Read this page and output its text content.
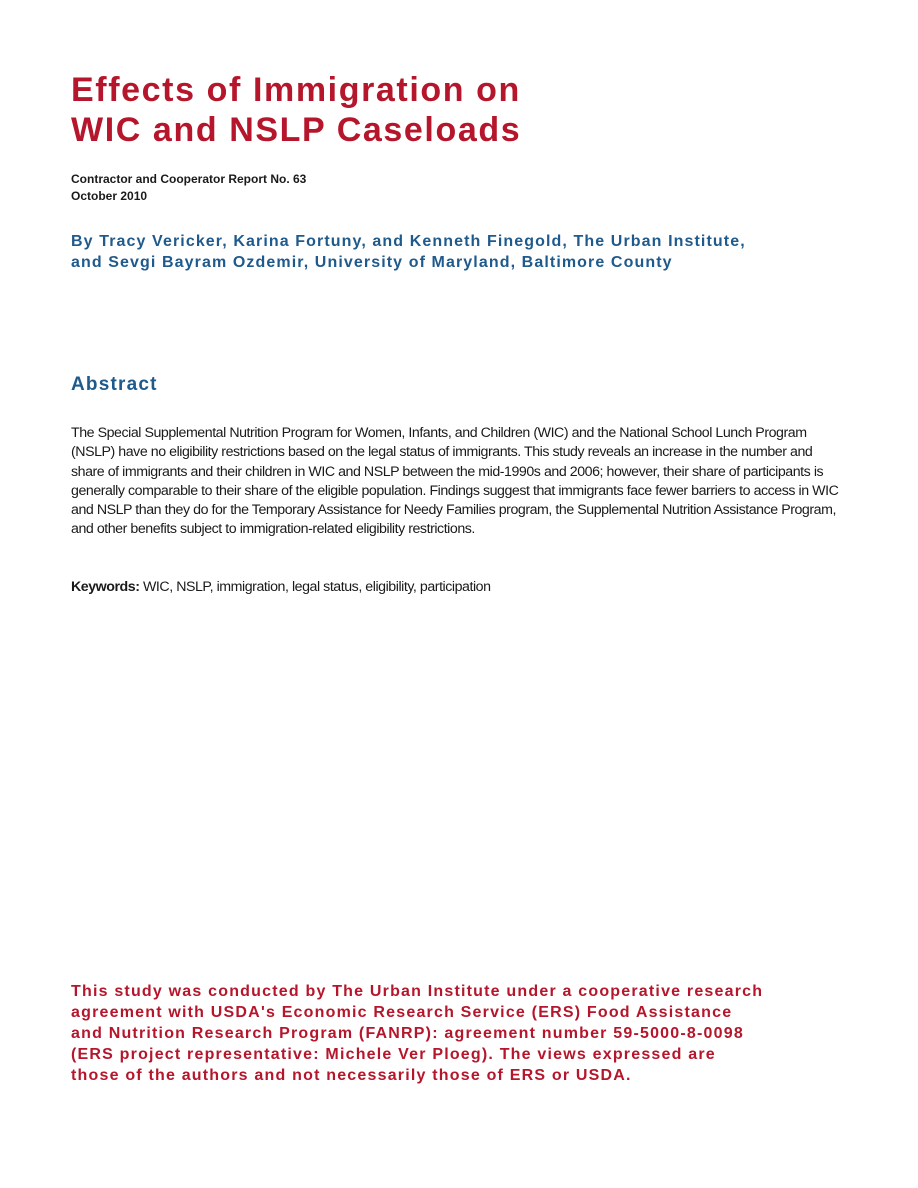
Effects of Immigration on
WIC and NSLP Caseloads
Contractor and Cooperator Report No. 63
October 2010
By Tracy Vericker, Karina Fortuny, and Kenneth Finegold, The Urban Institute,
and Sevgi Bayram Ozdemir, University of Maryland, Baltimore County
Abstract

The Special Supplemental Nutrition Program for Women, Infants, and Children (WIC) and the National School Lunch Program (NSLP) have no eligibility restrictions based on the legal status of immigrants. This study reveals an increase in the number and share of immigrants and their children in WIC and NSLP between the mid-1990s and 2006; however, their share of participants is generally comparable to their share of the eligible population. Findings suggest that immigrants face fewer barriers to access in WIC and NSLP than they do for the Temporary Assistance for Needy Families program, the Supplemental Nutrition Assistance Program, and other benefits subject to immigration-related eligibility restrictions.

Keywords: WIC, NSLP, immigration, legal status, eligibility, participation

This study was conducted by The Urban Institute under a cooperative research
agreement with USDA's Economic Research Service (ERS) Food Assistance
and Nutrition Research Program (FANRP): agreement number 59-5000-8-0098
(ERS project representative: Michele Ver Ploeg). The views expressed are
those of the authors and not necessarily those of ERS or USDA.
